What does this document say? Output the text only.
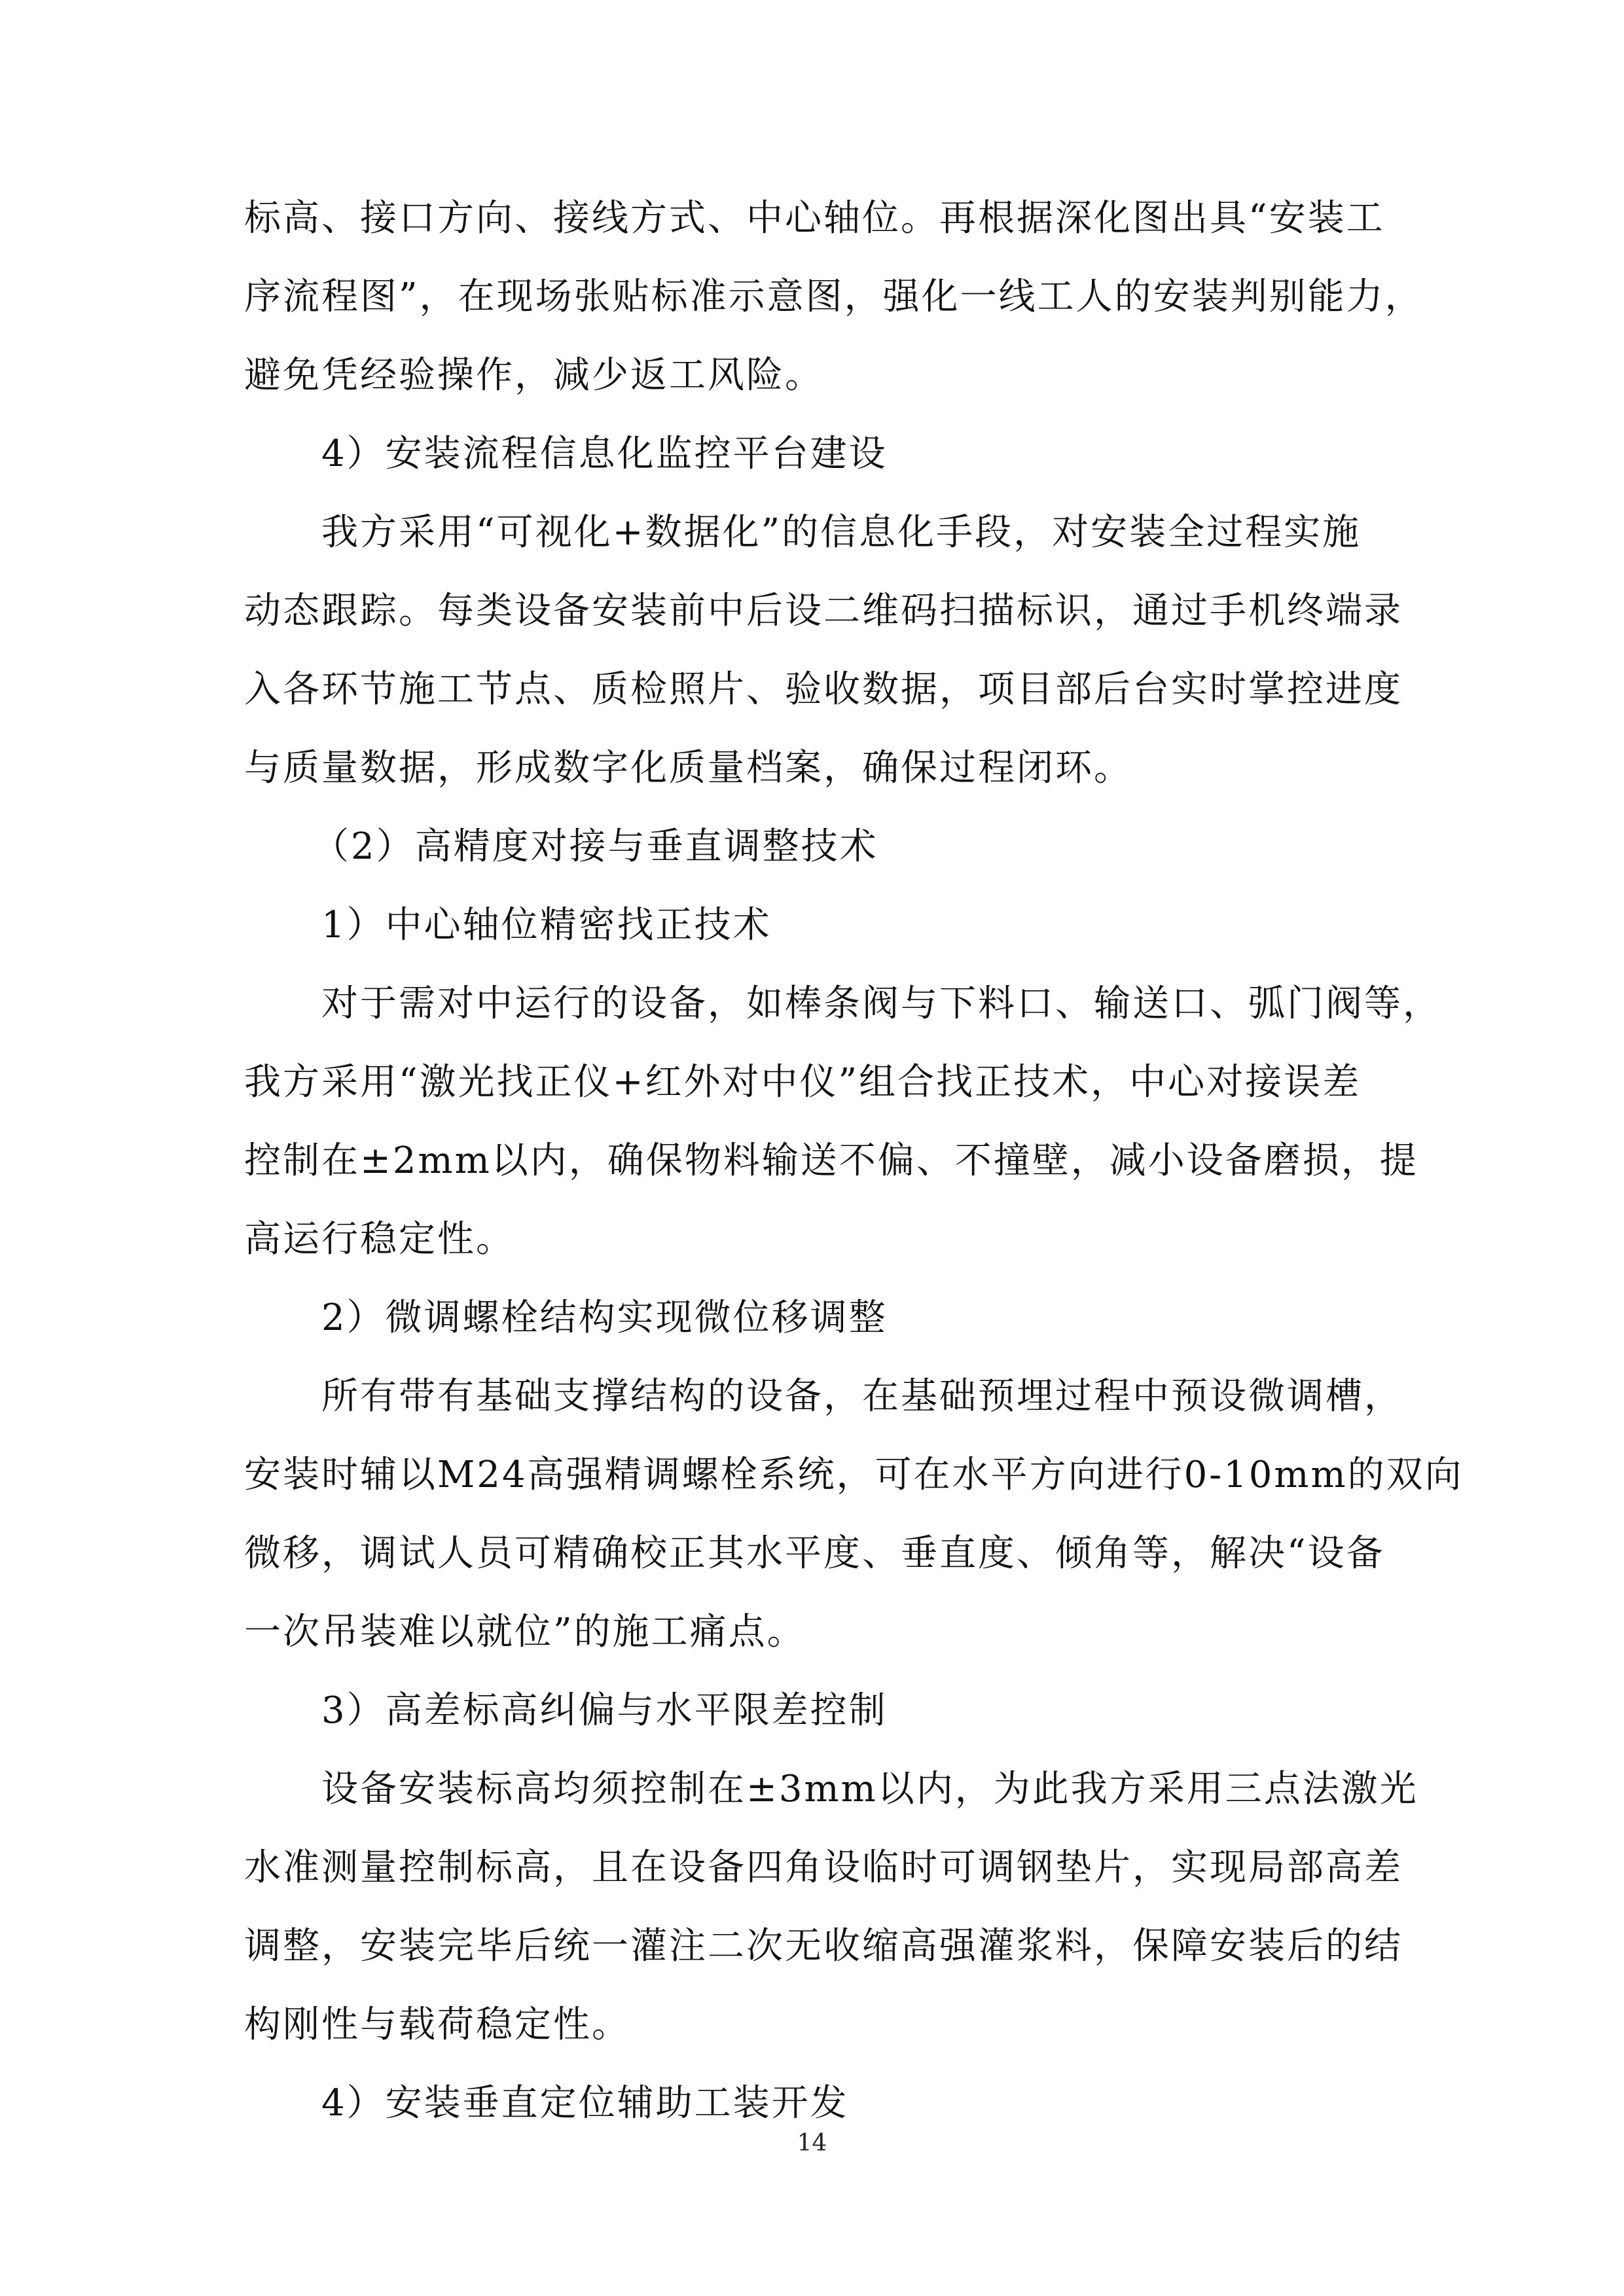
标高、接口方向、接线方式、中心轴位。再根据深化图出具“安装工
序流程图”，在现场张贴标准示意图，强化一线工人的安装判别能力，
避免凭经验操作，减少返工风险。
4）安装流程信息化监控平台建设
我方采用“可视化+数据化”的信息化手段，对安装全过程实施
动态跟踪。每类设备安装前中后设二维码扫描标识，通过手机终端录
入各环节施工节点、质检照片、验收数据，项目部后台实时掌控进度
与质量数据，形成数字化质量档案，确保过程闭环。
（2）高精度对接与垂直调整技术
1）中心轴位精密找正技术
对于需对中运行的设备，如棒条阀与下料口、输送口、弧门阀等，
我方采用“激光找正仪+红外对中仪”组合找正技术，中心对接误差
控制在±2mm以内，确保物料输送不偏、不撞壁，减小设备磨损，提
高运行稳定性。
2）微调螺栓结构实现微位移调整
所有带有基础支撑结构的设备，在基础预埋过程中预设微调槽，
安装时辅以M24高强精调螺栓系统，可在水平方向进行0-10mm的双向
微移，调试人员可精确校正其水平度、垂直度、倾角等，解决“设备
一次吊装难以就位”的施工痛点。
3）高差标高纠偏与水平限差控制
设备安装标高均须控制在±3mm以内，为此我方采用三点法激光
水准测量控制标高，且在设备四角设临时可调钢垫片，实现局部高差
调整，安装完毕后统一灌注二次无收缩高强灌浆料，保障安装后的结
构刚性与载荷稳定性。
4）安装垂直定位辅助工装开发
14
